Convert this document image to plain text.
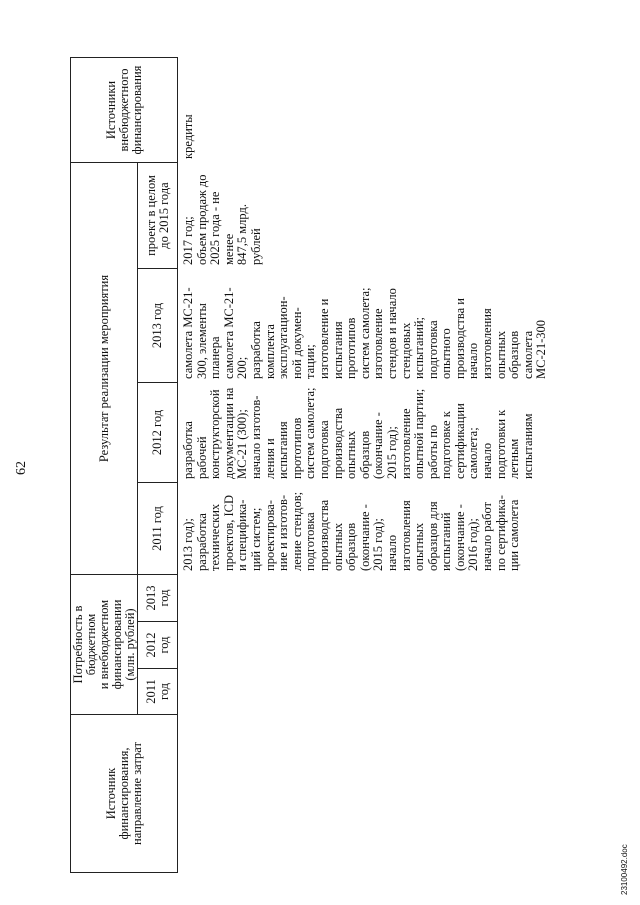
62
Источник
финансирования,
направление затрат
Потребность в бюджетном
и внебюджетном
финансировании
(млн. рублей)
2011
год
2012
год
2013
год
Результат реализации мероприятия
2011 год
2012 год
2013 год
проект в целом
до 2015 года
Источники
внебюджетного
финансирования
2013 год);
разработка
технических
проектов, ICD
и специфика-
ций систем;
проектирова-
ние и изготов-
ление стендов;
подготовка
производства
опытных
образцов
(окончание -
2015 год);
начало
изготовления
опытных
образцов для
испытаний
(окончание -
2016 год);
начало работ
по сертифика-
ции самолета
разработка
рабочей
конструкторской
документации на
МС-21 (300);
начало изготов-
ления и
испытания
прототипов
систем самолета;
подготовка
производства
опытных
образцов
(окончание -
2015 год);
изготовление
опытной партии;
работы по
подготовке к
сертификации
самолета;
начало
подготовки к
летным
испытаниям
самолета МС-21-
300, элементы
планера
самолета МС-21-
200;
разработка
комплекта
эксплуатацион-
ной докумен-
тации;
изготовление и
испытания
прототипов
систем самолета;
изготовление
стендов и начало
стендовых
испытаний;
подготовка
опытного
производства и
начало
изготовления
опытных
образцов
самолета
МС-21-300
2017 год;
объем продаж до
2025 года - не
менее
847,5 млрд.
рублей
кредиты
23100492.doc
